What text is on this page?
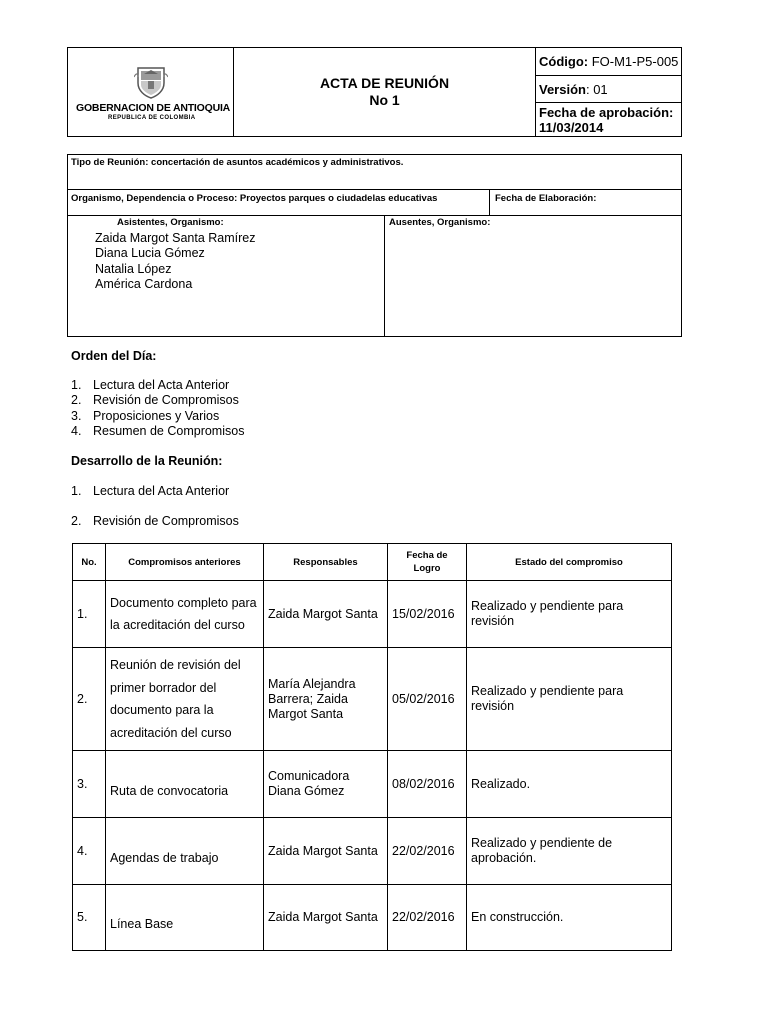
GOBERNACION DE ANTIOQUIA
REPUBLICA DE COLOMBIA
ACTA DE REUNIÓN
No 1
Código:
FO-M1-P5-005
Versión : 01
Fecha de aprobación:
11/03/2014
Tipo de Reunión: concertación de asuntos académicos y administrativos.
Organismo, Dependencia o Proceso: Proyectos parques o ciudadelas educativas	Fecha de Elaboración:
Asistentes, Organismo:	Ausentes, Organismo:
Zaida Margot Santa Ramírez
Diana Lucia Gómez
Natalia López
América Cardona
Orden del Día:
1. Lectura del Acta Anterior
2. Revisión de Compromisos
3. Proposiciones y Varios
4. Resumen de Compromisos
Desarrollo de la Reunión:
1. Lectura del Acta Anterior
2. Revisión de Compromisos
No.	Compromisos anteriores	Responsables	Fecha de Logro	Estado del compromiso
1.	Documento completo para la acreditación del curso	Zaida Margot Santa	15/02/2016	Realizado y pendiente para revisión
2.	Reunión de revisión del primer borrador del documento para la acreditación del curso	María Alejandra Barrera; Zaida Margot Santa	05/02/2016	Realizado y pendiente para revisión
3.	Ruta de convocatoria	Comunicadora Diana Gómez	08/02/2016	Realizado.
4.	Agendas de trabajo	Zaida Margot Santa	22/02/2016	Realizado y pendiente de aprobación.
5.	Línea Base	Zaida Margot Santa	22/02/2016	En construcción.
